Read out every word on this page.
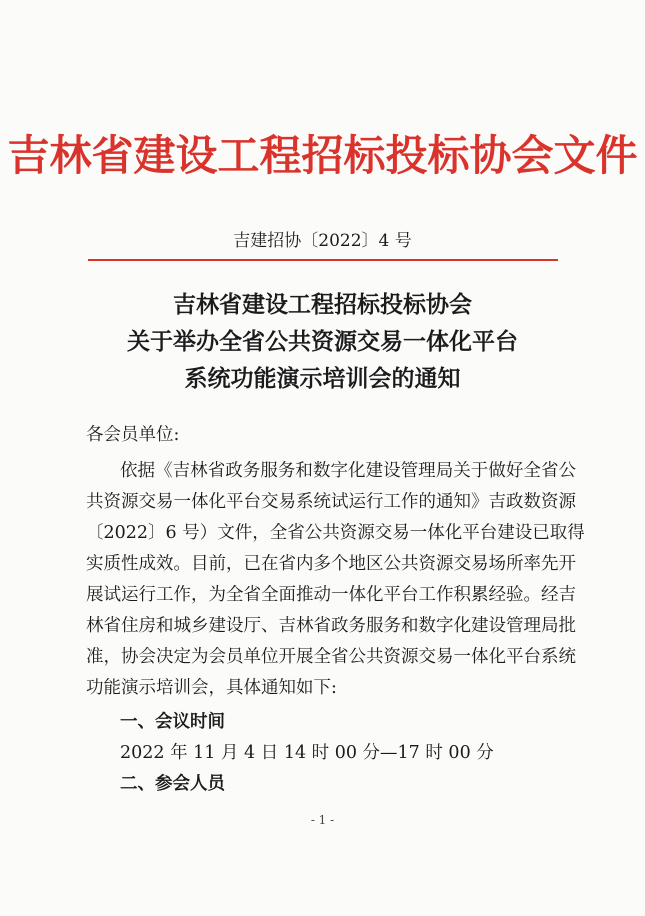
吉林省建设工程招标投标协会文件
吉建招协〔2022〕4 号
吉林省建设工程招标投标协会
关于举办全省公共资源交易一体化平台
系统功能演示培训会的通知
各会员单位:
依据《吉林省政务服务和数字化建设管理局关于做好全省公
共资源交易一体化平台交易系统试运行工作的通知》吉政数资源
〔2022〕6 号）文件，全省公共资源交易一体化平台建设已取得
实质性成效。目前，已在省内多个地区公共资源交易场所率先开
展试运行工作，为全省全面推动一体化平台工作积累经验。经吉
林省住房和城乡建设厅、吉林省政务服务和数字化建设管理局批
准，协会决定为会员单位开展全省公共资源交易一体化平台系统
功能演示培训会，具体通知如下:
一、会议时间
2022 年 11 月 4 日 14 时 00 分—17 时 00 分
二、参会人员
- 1 -
